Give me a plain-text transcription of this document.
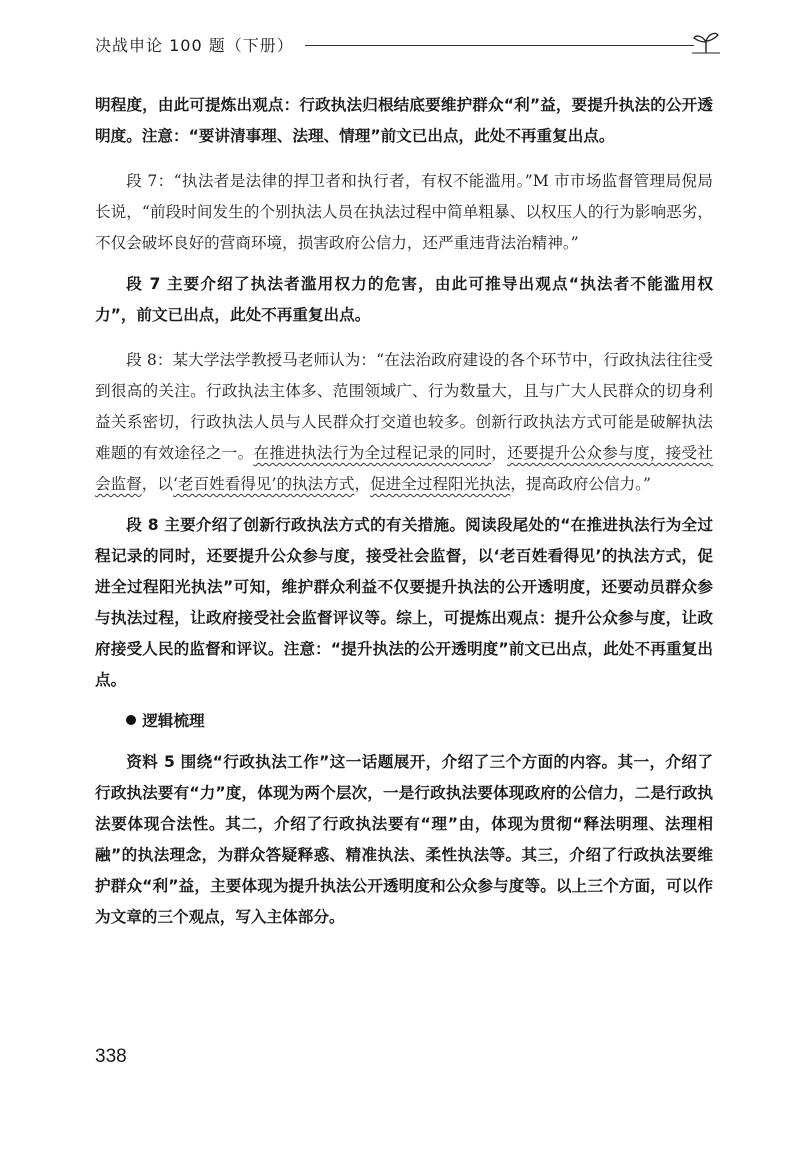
决战申论 100 题（下册）

明程度，由此可提炼出观点：行政执法归根结底要维护群众“利”益，要提升执法的公开透明度。注意：“要讲清事理、法理、情理”前文已出点，此处不再重复出点。

段 7：“执法者是法律的捍卫者和执行者，有权不能滥用。”M 市市场监督管理局倪局长说，“前段时间发生的个别执法人员在执法过程中简单粗暴、以权压人的行为影响恶劣，不仅会破坏良好的营商环境，损害政府公信力，还严重违背法治精神。”

段 7 主要介绍了执法者滥用权力的危害，由此可推导出观点“执法者不能滥用权力”，前文已出点，此处不再重复出点。

段 8：某大学法学教授马老师认为：“在法治政府建设的各个环节中，行政执法往往受到很高的关注。行政执法主体多、范围领域广、行为数量大，且与广大人民群众的切身利益关系密切，行政执法人员与人民群众打交道也较多。创新行政执法方式可能是破解执法难题的有效途径之一。在推进执法行为全过程记录的同时，还要提升公众参与度，接受社会监督，以‘老百姓看得见’的执法方式，促进全过程阳光执法，提高政府公信力。”

段 8 主要介绍了创新行政执法方式的有关措施。阅读段尾处的“在推进执法行为全过程记录的同时，还要提升公众参与度，接受社会监督，以‘老百姓看得见’的执法方式，促进全过程阳光执法”可知，维护群众利益不仅要提升执法的公开透明度，还要动员群众参与执法过程，让政府接受社会监督评议等。综上，可提炼出观点：提升公众参与度，让政府接受人民的监督和评议。注意：“提升执法的公开透明度”前文已出点，此处不再重复出点。

逻辑梳理

资料 5 围绕“行政执法工作”这一话题展开，介绍了三个方面的内容。其一，介绍了行政执法要有“力”度，体现为两个层次，一是行政执法要体现政府的公信力，二是行政执法要体现合法性。其二，介绍了行政执法要有“理”由，体现为贯彻“释法明理、法理相融”的执法理念，为群众答疑释惑、精准执法、柔性执法等。其三，介绍了行政执法要维护群众“利”益，主要体现为提升执法公开透明度和公众参与度等。以上三个方面，可以作为文章的三个观点，写入主体部分。

338
